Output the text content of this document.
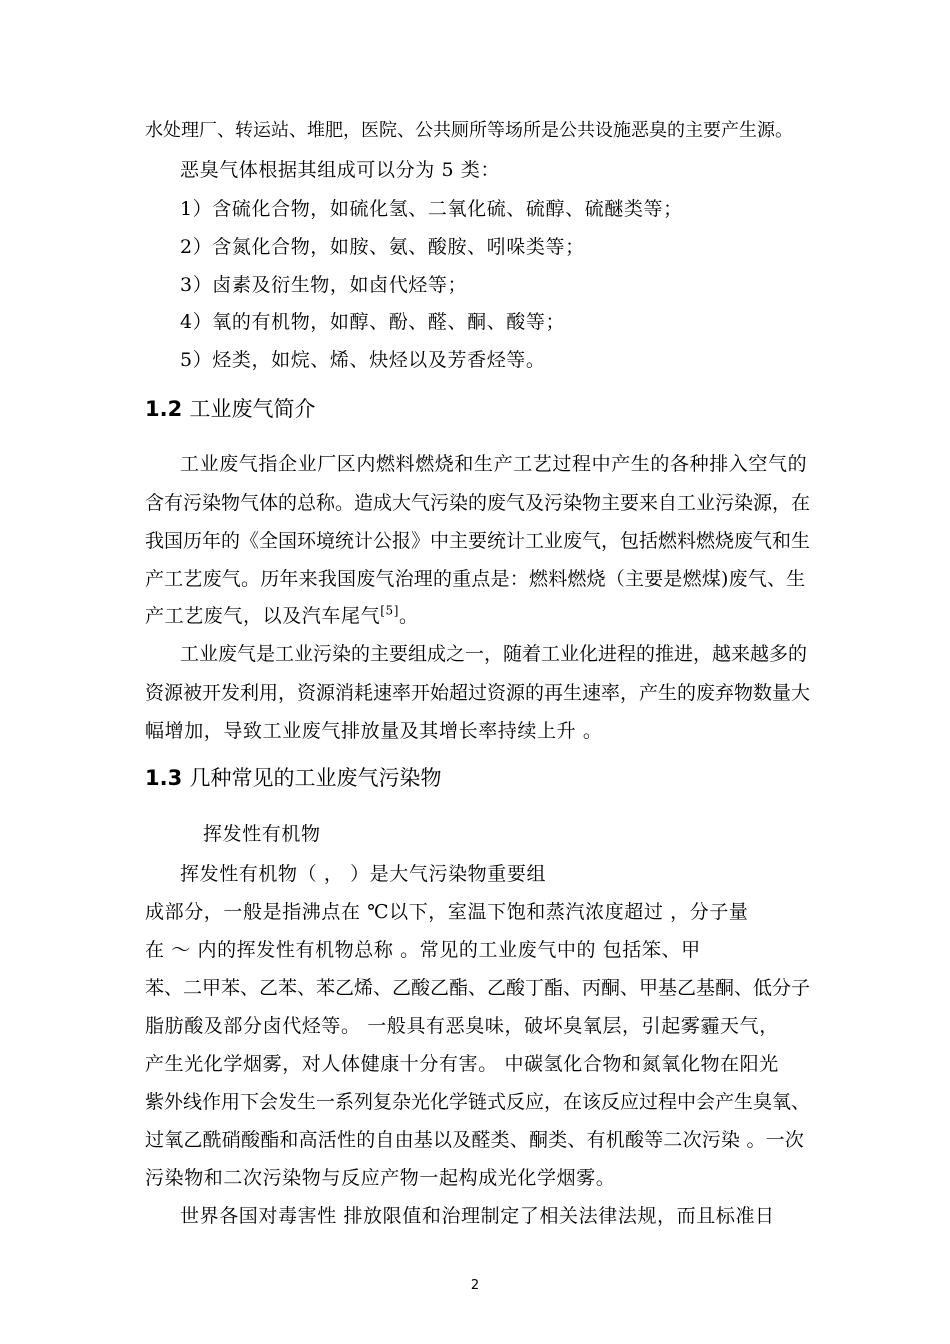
水处理厂、转运站、堆肥，医院、公共厕所等场所是公共设施恶臭的主要产生源。
恶臭气体根据其组成可以分为 5 类：
1）含硫化合物，如硫化氢、二氧化硫、硫醇、硫醚类等；
2）含氮化合物，如胺、氨、酸胺、吲哚类等；
3）卤素及衍生物，如卤代烃等；
4）氧的有机物，如醇、酚、醛、酮、酸等；
5）烃类，如烷、烯、炔烃以及芳香烃等。
1.2 工业废气简介
工业废气指企业厂区内燃料燃烧和生产工艺过程中产生的各种排入空气的
含有污染物气体的总称。造成大气污染的废气及污染物主要来自工业污染源，在
我国历年的《全国环境统计公报》中主要统计工业废气，包括燃料燃烧废气和生
产工艺废气。历年来我国废气治理的重点是：燃料燃烧（主要是燃煤)废气、生
产工艺废气，以及汽车尾气[5]。
工业废气是工业污染的主要组成之一，随着工业化进程的推进，越来越多的
资源被开发利用，资源消耗速率开始超过资源的再生速率，产生的废弃物数量大
幅增加，导致工业废气排放量及其增长率持续上升 。
1.3 几种常见的工业废气污染物
挥发性有机物
挥发性有机物（ ， ）是大气污染物重要组
成部分，一般是指沸点在 ℃以下，室温下饱和蒸汽浓度超过 ，分子量
在 ～ 内的挥发性有机物总称 。常见的工业废气中的 包括笨、甲
苯、二甲苯、乙苯、苯乙烯、乙酸乙酯、乙酸丁酯、丙酮、甲基乙基酮、低分子
脂肪酸及部分卤代烃等。 一般具有恶臭味，破坏臭氧层，引起雾霾天气，
产生光化学烟雾，对人体健康十分有害。 中碳氢化合物和氮氧化物在阳光
紫外线作用下会发生一系列复杂光化学链式反应，在该反应过程中会产生臭氧、
过氧乙酰硝酸酯和高活性的自由基以及醛类、酮类、有机酸等二次污染 。一次
污染物和二次污染物与反应产物一起构成光化学烟雾。
世界各国对毒害性 排放限值和治理制定了相关法律法规，而且标准日
2
